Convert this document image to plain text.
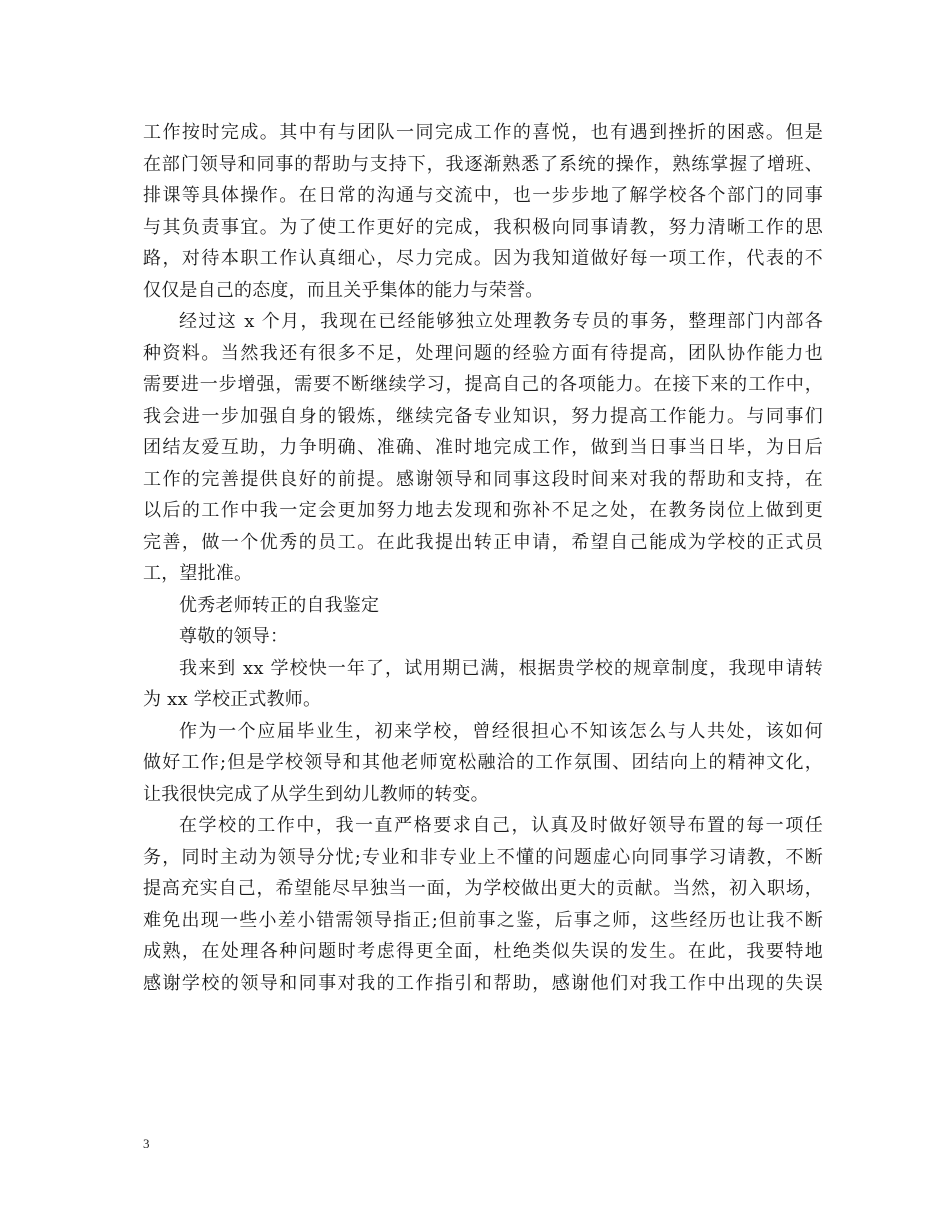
工作按时完成。其中有与团队一同完成工作的喜悦，也有遇到挫折的困惑。但是
在部门领导和同事的帮助与支持下，我逐渐熟悉了系统的操作，熟练掌握了增班、
排课等具体操作。在日常的沟通与交流中，也一步步地了解学校各个部门的同事
与其负责事宜。为了使工作更好的完成，我积极向同事请教，努力清晰工作的思
路，对待本职工作认真细心，尽力完成。因为我知道做好每一项工作，代表的不
仅仅是自己的态度，而且关乎集体的能力与荣誉。
经过这 x 个月，我现在已经能够独立处理教务专员的事务，整理部门内部各
种资料。当然我还有很多不足，处理问题的经验方面有待提高，团队协作能力也
需要进一步增强，需要不断继续学习，提高自己的各项能力。在接下来的工作中，
我会进一步加强自身的锻炼，继续完备专业知识，努力提高工作能力。与同事们
团结友爱互助，力争明确、准确、准时地完成工作，做到当日事当日毕，为日后
工作的完善提供良好的前提。感谢领导和同事这段时间来对我的帮助和支持，在
以后的工作中我一定会更加努力地去发现和弥补不足之处，在教务岗位上做到更
完善，做一个优秀的员工。在此我提出转正申请，希望自己能成为学校的正式员
工，望批准。
优秀老师转正的自我鉴定
尊敬的领导：
我来到 xx 学校快一年了，试用期已满，根据贵学校的规章制度，我现申请转
为 xx 学校正式教师。
作为一个应届毕业生，初来学校，曾经很担心不知该怎么与人共处，该如何
做好工作;但是学校领导和其他老师宽松融洽的工作氛围、团结向上的精神文化，
让我很快完成了从学生到幼儿教师的转变。
在学校的工作中，我一直严格要求自己，认真及时做好领导布置的每一项任
务，同时主动为领导分忧;专业和非专业上不懂的问题虚心向同事学习请教，不断
提高充实自己，希望能尽早独当一面，为学校做出更大的贡献。当然，初入职场，
难免出现一些小差小错需领导指正;但前事之鉴，后事之师，这些经历也让我不断
成熟，在处理各种问题时考虑得更全面，杜绝类似失误的发生。在此，我要特地
感谢学校的领导和同事对我的工作指引和帮助，感谢他们对我工作中出现的失误
3
